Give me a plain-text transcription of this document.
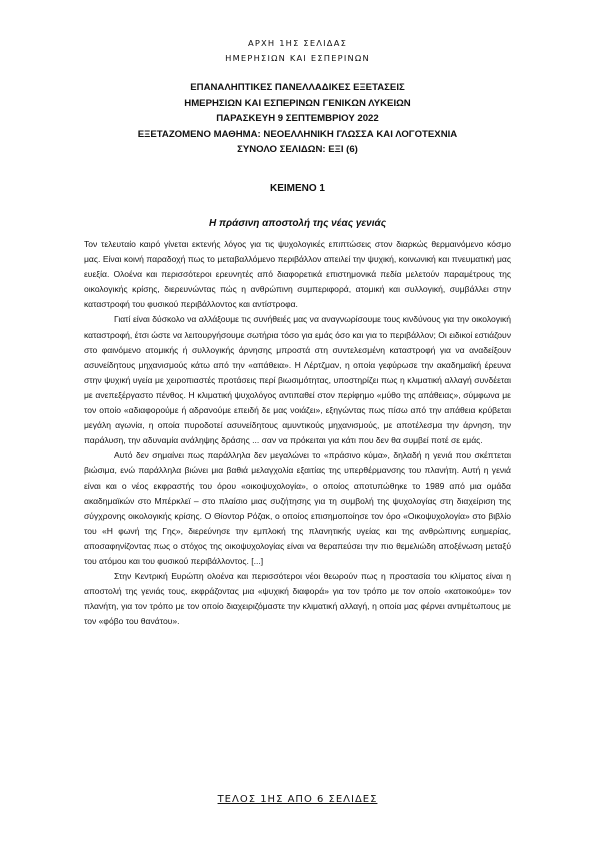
ΑΡΧΗ 1ΗΣ ΣΕΛΙΔΑΣ
ΗΜΕΡΗΣΙΩΝ ΚΑΙ ΕΣΠΕΡΙΝΩΝ
ΕΠΑΝΑΛΗΠΤΙΚΕΣ ΠΑΝΕΛΛΑΔΙΚΕΣ ΕΞΕΤΑΣΕΙΣ
ΗΜΕΡΗΣΙΩΝ ΚΑΙ ΕΣΠΕΡΙΝΩΝ ΓΕΝΙΚΩΝ ΛΥΚΕΙΩΝ
ΠΑΡΑΣΚΕΥΗ 9 ΣΕΠΤΕΜΒΡΙΟΥ 2022
ΕΞΕΤΑΖΟΜΕΝΟ ΜΑΘΗΜΑ: ΝΕΟΕΛΛΗΝΙΚΗ ΓΛΩΣΣΑ ΚΑΙ ΛΟΓΟΤΕΧΝΙΑ
ΣΥΝΟΛΟ ΣΕΛΙΔΩΝ: ΕΞΙ (6)
ΚΕΙΜΕΝΟ 1
Η πράσινη αποστολή της νέας γενιάς

Τον τελευταίο καιρό γίνεται εκτενής λόγος για τις ψυχολογικές επιπτώσεις στον διαρκώς θερμαινόμενο κόσμο μας. Είναι κοινή παραδοχή πως το μεταβαλλόμενο περιβάλλον απειλεί την ψυχική, κοινωνική και πνευματική μας ευεξία. Ολοένα και περισσότεροι ερευνητές από διαφορετικά επιστημονικά πεδία μελετούν παραμέτρους της οικολογικής κρίσης, διερευνώντας πώς η ανθρώπινη συμπεριφορά, ατομική και συλλογική, συμβάλλει στην καταστροφή του φυσικού περιβάλλοντος και αντίστροφα.

Γιατί είναι δύσκολο να αλλάξουμε τις συνήθειές μας να αναγνωρίσουμε τους κινδύνους για την οικολογική καταστροφή, έτσι ώστε να λειτουργήσουμε σωτήρια τόσο για εμάς όσο και για το περιβάλλον; Οι ειδικοί εστιάζουν στο φαινόμενο ατομικής ή συλλογικής άρνησης μπροστά στη συντελεσμένη καταστροφή για να αναδείξουν ασυνείδητους μηχανισμούς κάτω από την «απάθεια». Η Λέρτζμαν, η οποία γεφύρωσε την ακαδημαϊκή έρευνα στην ψυχική υγεία με χειροπιαστές προτάσεις περί βιωσιμότητας, υποστηρίζει πως η κλιματική αλλαγή συνδέεται με ανεπεξέργαστο πένθος. Η κλιματική ψυχολόγος αντιπαθεί στον περίφημο «μύθο της απάθειας», σύμφωνα με τον οποίο «αδιαφορούμε ή αδρανούμε επειδή δε μας νοιάζει», εξηγώντας πως πίσω από την απάθεια κρύβεται μεγάλη αγωνία, η οποία πυροδοτεί ασυνείδητους αμυντικούς μηχανισμούς, με αποτέλεσμα την άρνηση, την παράλυση, την αδυναμία ανάληψης δράσης ... σαν να πρόκειται για κάτι που δεν θα συμβεί ποτέ σε εμάς.

Αυτό δεν σημαίνει πως παράλληλα δεν μεγαλώνει το «πράσινο κύμα», δηλαδή η γενιά που σκέπτεται βιώσιμα, ενώ παράλληλα βιώνει μια βαθιά μελαγχολία εξαιτίας της υπερθέρμανσης του πλανήτη. Αυτή η γενιά είναι και ο νέος εκφραστής του όρου «οικοψυχολογία», ο οποίος αποτυπώθηκε το 1989 από μια ομάδα ακαδημαϊκών στο Μπέρκλεϊ – στο πλαίσιο μιας συζήτησης για τη συμβολή της ψυχολογίας στη διαχείριση της σύγχρονης οικολογικής κρίσης. Ο Θίοντορ Ρόζακ, ο οποίος επισημοποίησε τον όρο «Οικοψυχολογία» στο βιβλίο του «Η φωνή της Γης», διερεύνησε την εμπλοκή της πλανητικής υγείας και της ανθρώπινης ευημερίας, αποσαφηνίζοντας πως ο στόχος της οικοψυχολογίας είναι να θεραπεύσει την πιο θεμελιώδη αποξένωση μεταξύ του ατόμου και του φυσικού περιβάλλοντος. [...]

Στην Κεντρική Ευρώπη ολοένα και περισσότεροι νέοι θεωρούν πως η προστασία του κλίματος είναι η αποστολή της γενιάς τους, εκφράζοντας μια «ψυχική διαφορά» για τον τρόπο με τον οποίο «κατοικούμε» τον πλανήτη, για τον τρόπο με τον οποίο διαχειριζόμαστε την κλιματική αλλαγή, η οποία μας φέρνει αντιμέτωπους με τον «φόβο του θανάτου».

ΤΕΛΟΣ 1ΗΣ ΑΠΟ 6 ΣΕΛΙΔΕΣ
